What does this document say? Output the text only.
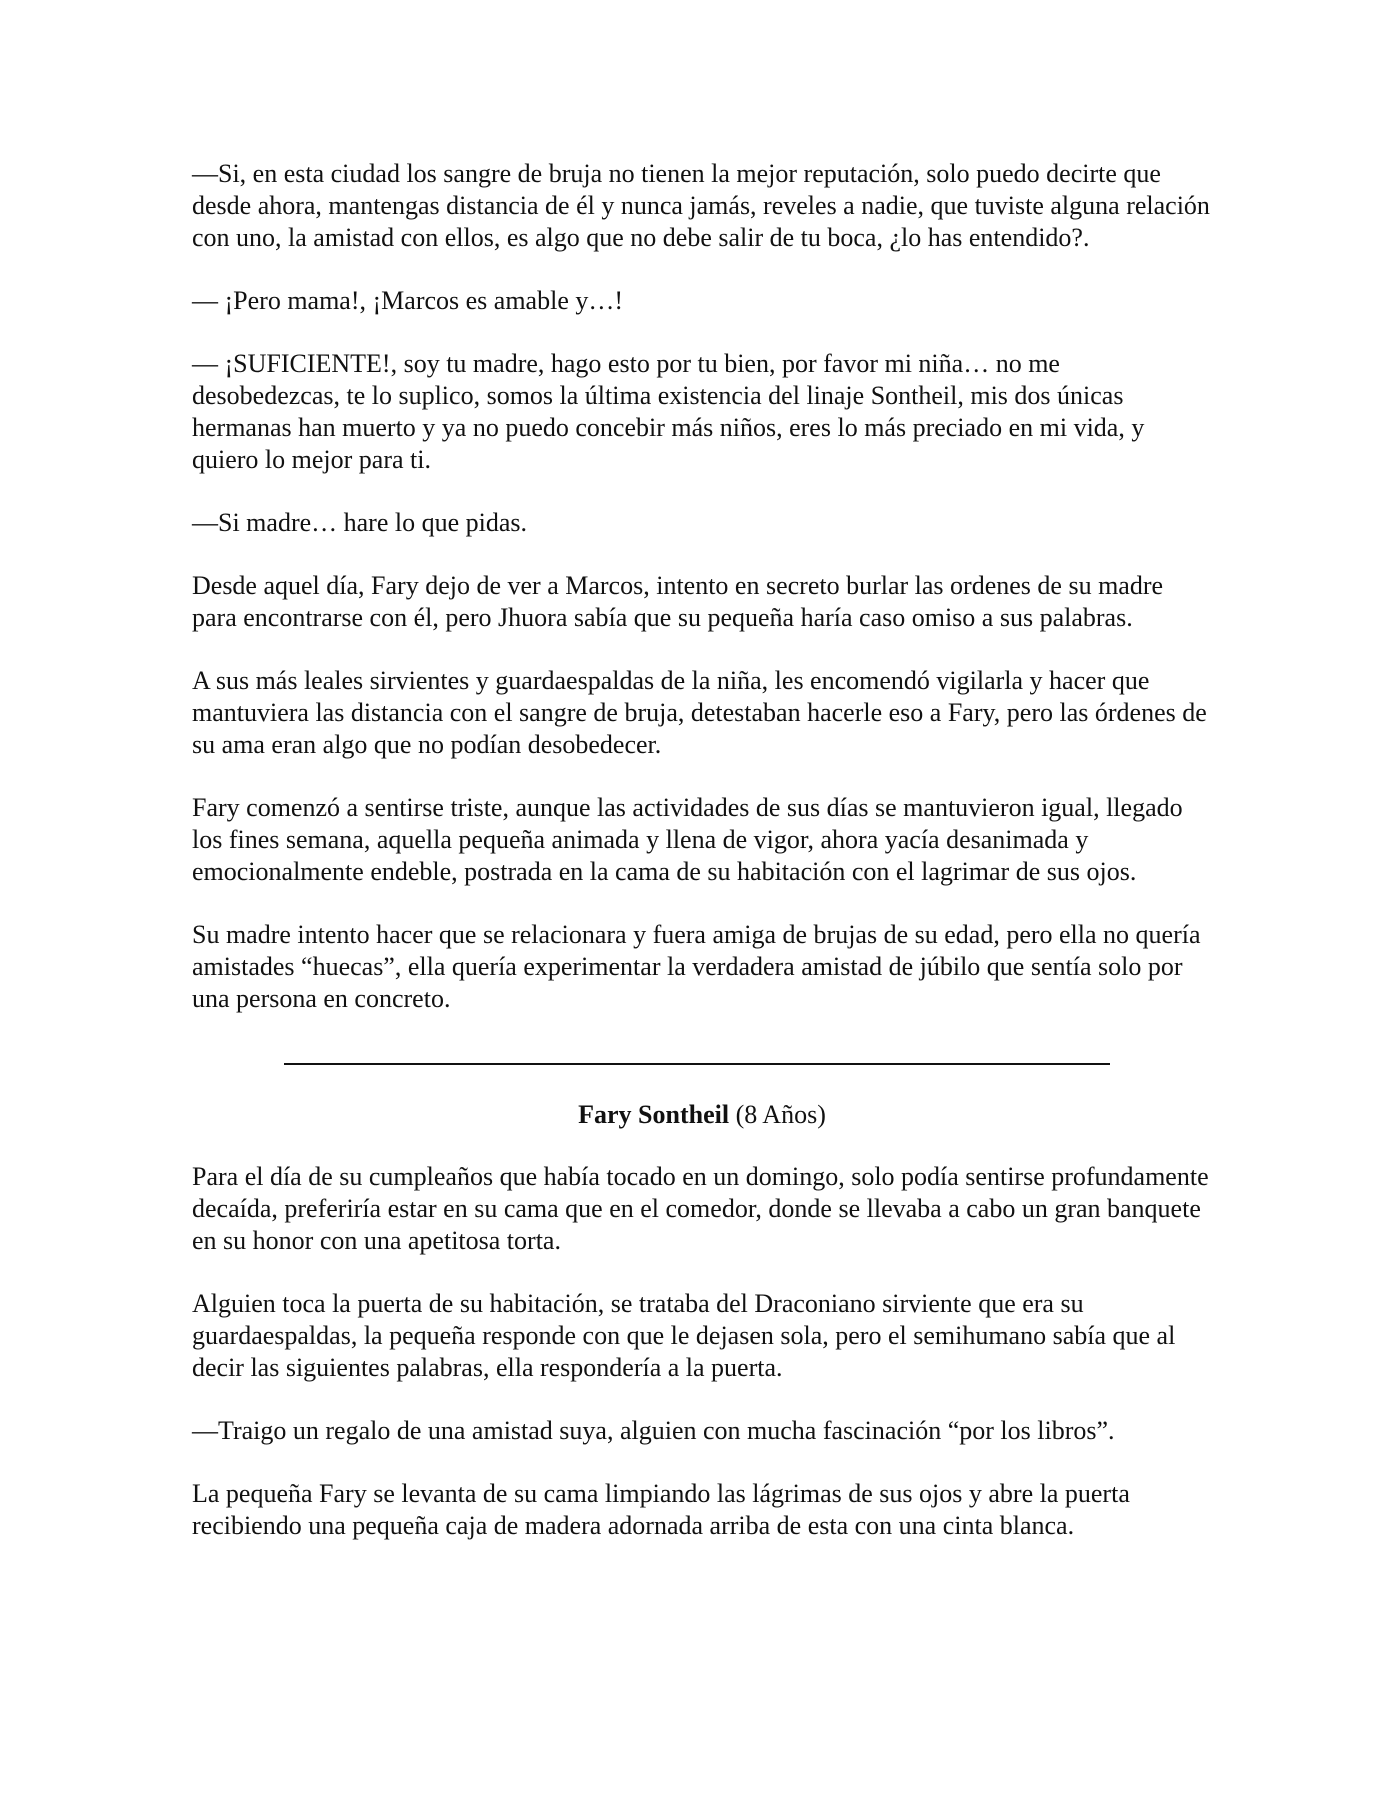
—Si, en esta ciudad los sangre de bruja no tienen la mejor reputación, solo puedo decirte que desde ahora, mantengas distancia de él y nunca jamás, reveles a nadie, que tuviste alguna relación con uno, la amistad con ellos, es algo que no debe salir de tu boca, ¿lo has entendido?.

— ¡Pero mama!, ¡Marcos es amable y…!

— ¡SUFICIENTE!, soy tu madre, hago esto por tu bien, por favor mi niña… no me desobedezcas, te lo suplico, somos la última existencia del linaje Sontheil, mis dos únicas hermanas han muerto y ya no puedo concebir más niños, eres lo más preciado en mi vida, y quiero lo mejor para ti.

—Si madre… hare lo que pidas.

Desde aquel día, Fary dejo de ver a Marcos, intento en secreto burlar las ordenes de su madre para encontrarse con él, pero Jhuora sabía que su pequeña haría caso omiso a sus palabras.

A sus más leales sirvientes y guardaespaldas de la niña, les encomendó vigilarla y hacer que mantuviera las distancia con el sangre de bruja, detestaban hacerle eso a Fary, pero las órdenes de su ama eran algo que no podían desobedecer.

Fary comenzó a sentirse triste, aunque las actividades de sus días se mantuvieron igual, llegado los fines semana, aquella pequeña animada y llena de vigor, ahora yacía desanimada y emocionalmente endeble, postrada en la cama de su habitación con el lagrimar de sus ojos.

Su madre intento hacer que se relacionara y fuera amiga de brujas de su edad, pero ella no quería amistades “huecas”, ella quería experimentar la verdadera amistad de júbilo que sentía solo por una persona en concreto.

Fary Sontheil (8 Años)

Para el día de su cumpleaños que había tocado en un domingo, solo podía sentirse profundamente decaída, preferiría estar en su cama que en el comedor, donde se llevaba a cabo un gran banquete en su honor con una apetitosa torta.

Alguien toca la puerta de su habitación, se trataba del Draconiano sirviente que era su guardaespaldas, la pequeña responde con que le dejasen sola, pero el semihumano sabía que al decir las siguientes palabras, ella respondería a la puerta.

—Traigo un regalo de una amistad suya, alguien con mucha fascinación “por los libros”.

La pequeña Fary se levanta de su cama limpiando las lágrimas de sus ojos y abre la puerta recibiendo una pequeña caja de madera adornada arriba de esta con una cinta blanca.
